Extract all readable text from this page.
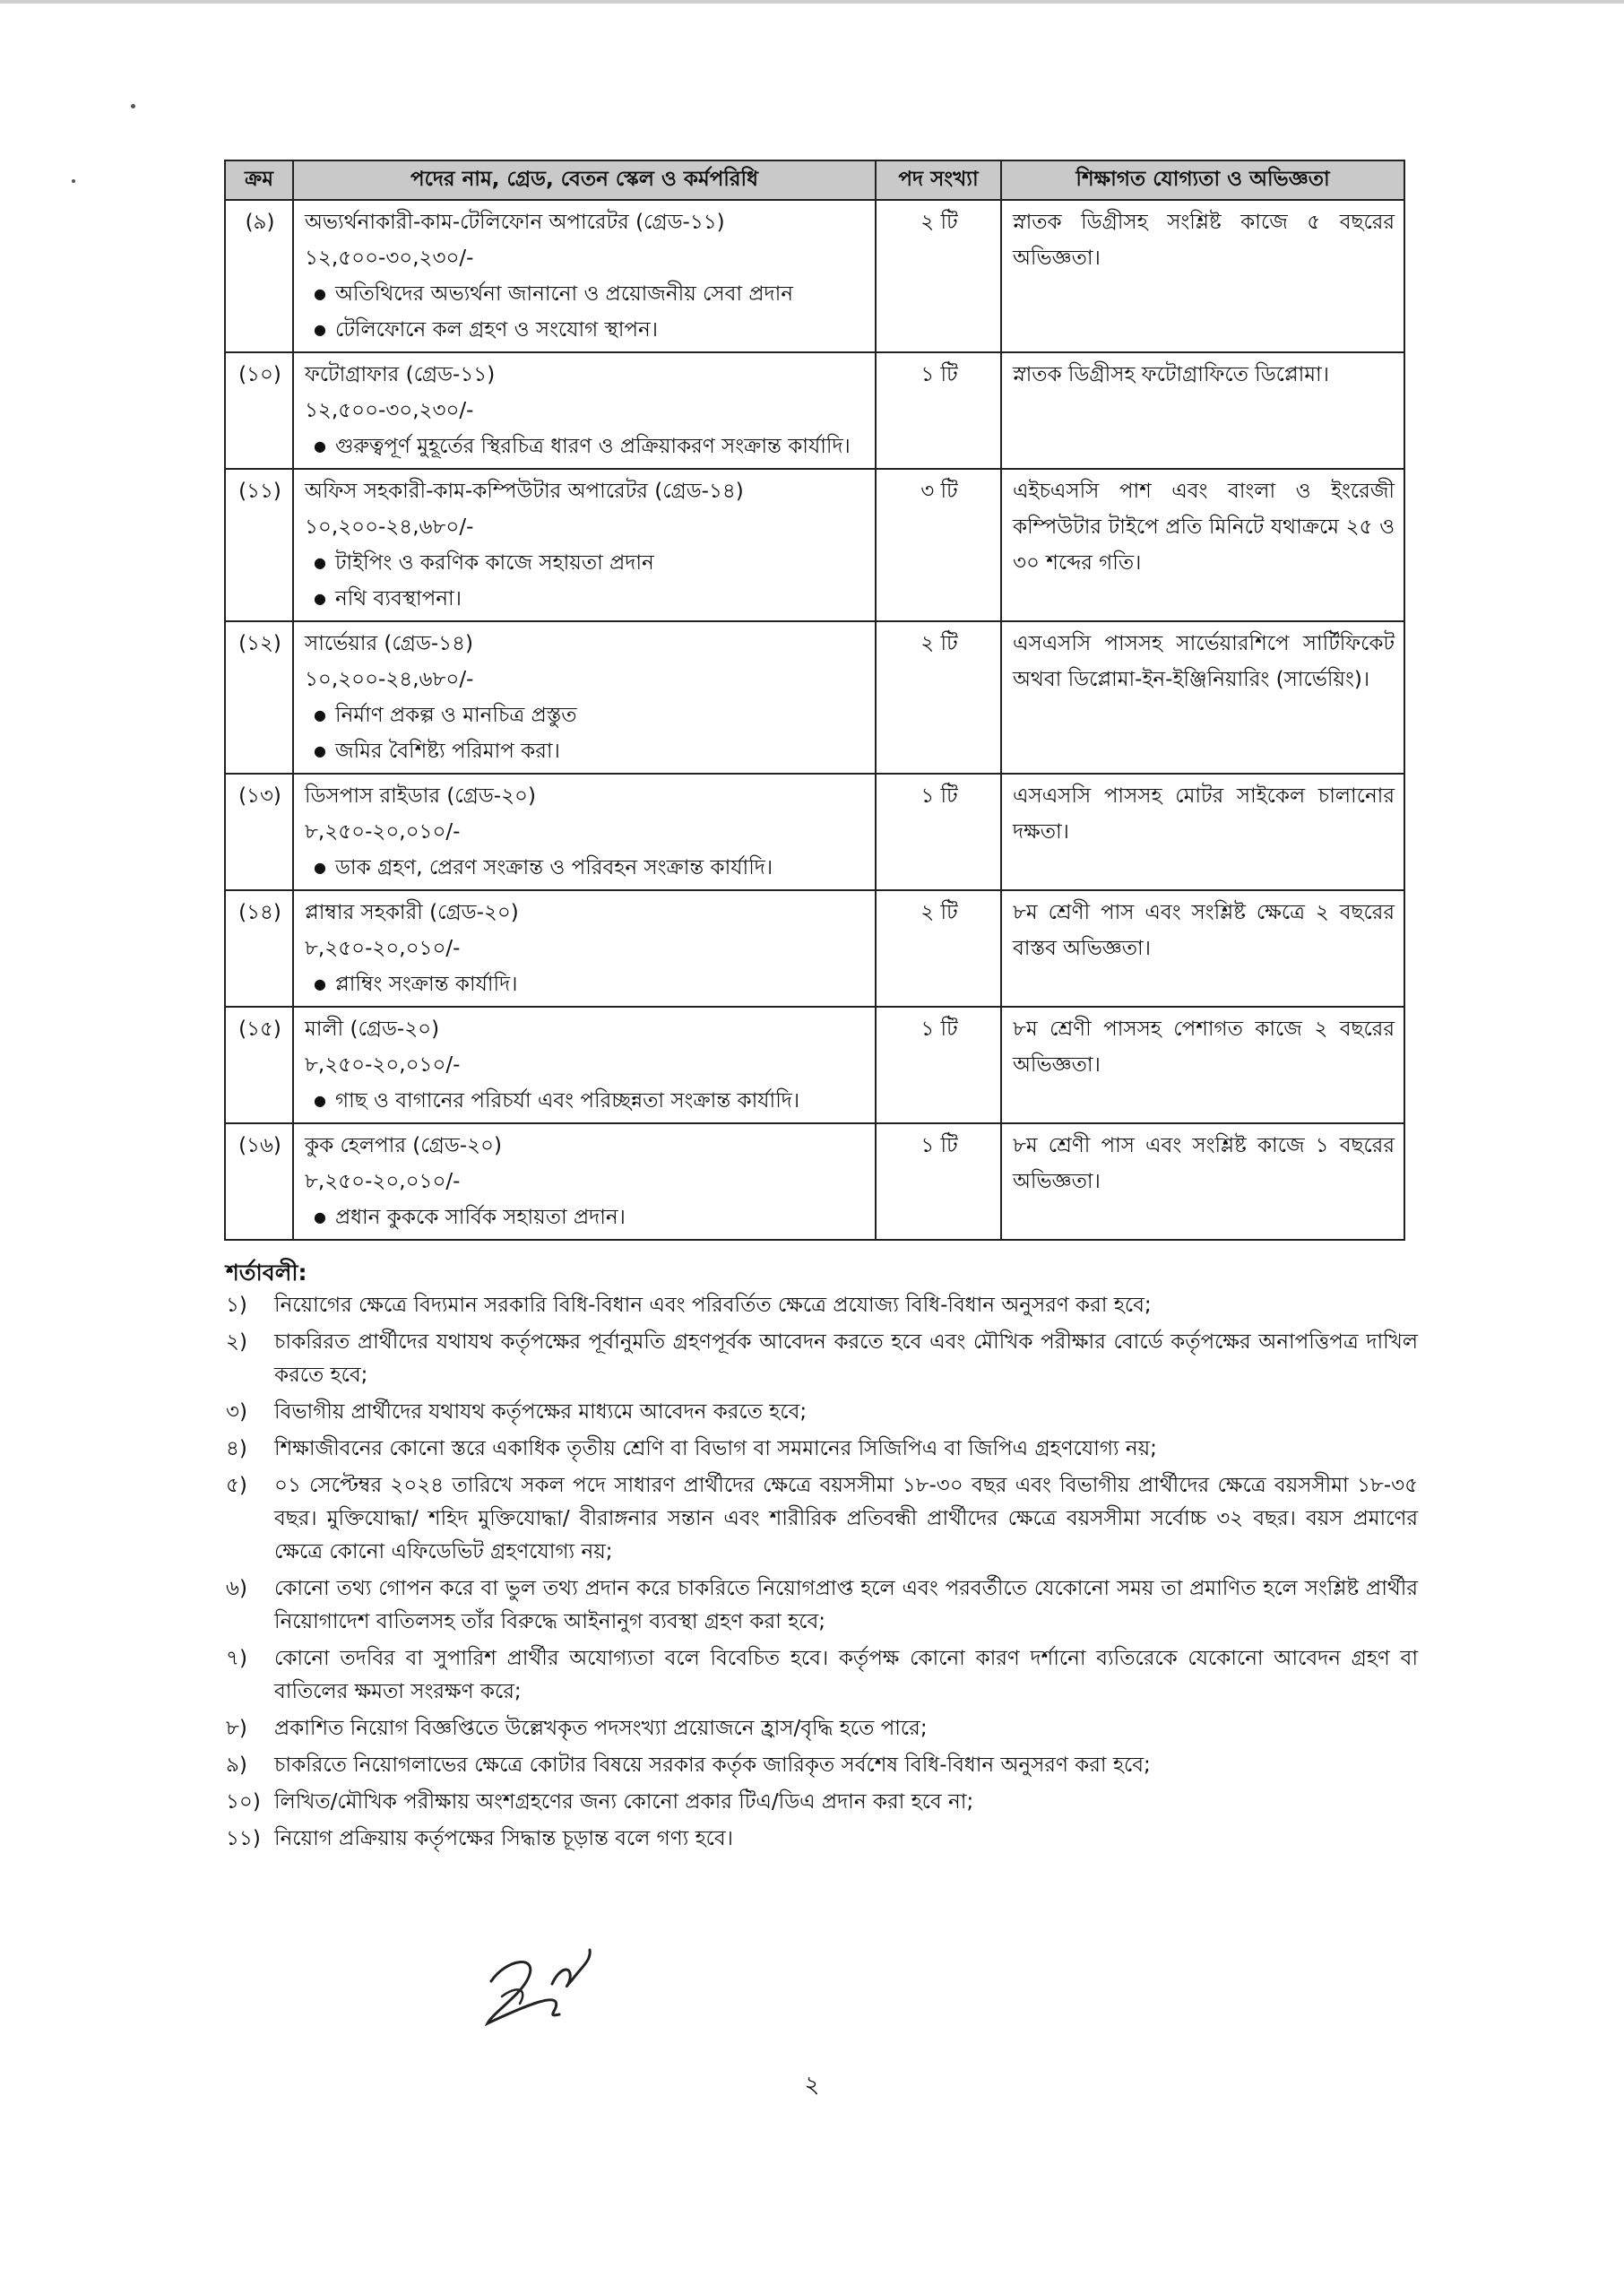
ক্রম	পদের নাম, গ্রেড, বেতন স্কেল ও কর্মপরিধি	পদ সংখ্যা	শিক্ষাগত যোগ্যতা ও অভিজ্ঞতা
(৯)	অভ্যর্থনাকারী-কাম-টেলিফোন অপারেটর (গ্রেড-১১)
১২,৫০০-৩০,২৩০/-
● অতিথিদের অভ্যর্থনা জানানো ও প্রয়োজনীয় সেবা প্রদান
● টেলিফোনে কল গ্রহণ ও সংযোগ স্থাপন।	২ টি	স্নাতক ডিগ্রীসহ সংশ্লিষ্ট কাজে ৫ বছরের অভিজ্ঞতা।
(১০)	ফটোগ্রাফার (গ্রেড-১১)
১২,৫০০-৩০,২৩০/-
● গুরুত্বপূর্ণ মুহূর্তের স্থিরচিত্র ধারণ ও প্রক্রিয়াকরণ সংক্রান্ত কার্যাদি।	১ টি	স্নাতক ডিগ্রীসহ ফটোগ্রাফিতে ডিপ্লোমা।
(১১)	অফিস সহকারী-কাম-কম্পিউটার অপারেটর (গ্রেড-১৪)
১০,২০০-২৪,৬৮০/-
● টাইপিং ও করণিক কাজে সহায়তা প্রদান
● নথি ব্যবস্থাপনা।	৩ টি	এইচএসসি পাশ এবং বাংলা ও ইংরেজী কম্পিউটার টাইপে প্রতি মিনিটে যথাক্রমে ২৫ ও ৩০ শব্দের গতি।
(১২)	সার্ভেয়ার (গ্রেড-১৪)
১০,২০০-২৪,৬৮০/-
● নির্মাণ প্রকল্প ও মানচিত্র প্রস্তুত
● জমির বৈশিষ্ট্য পরিমাপ করা।	২ টি	এসএসসি পাসসহ সার্ভেয়ারশিপে সার্টিফিকেট অথবা ডিপ্লোমা-ইন-ইঞ্জিনিয়ারিং (সার্ভেয়িং)।
(১৩)	ডিসপাস রাইডার (গ্রেড-২০)
৮,২৫০-২০,০১০/-
● ডাক গ্রহণ, প্রেরণ সংক্রান্ত ও পরিবহন সংক্রান্ত কার্যাদি।	১ টি	এসএসসি পাসসহ মোটর সাইকেল চালানোর দক্ষতা।
(১৪)	প্লাম্বার সহকারী (গ্রেড-২০)
৮,২৫০-২০,০১০/-
● প্লাম্বিং সংক্রান্ত কার্যাদি।	২ টি	৮ম শ্রেণী পাস এবং সংশ্লিষ্ট ক্ষেত্রে ২ বছরের বাস্তব অভিজ্ঞতা।
(১৫)	মালী (গ্রেড-২০)
৮,২৫০-২০,০১০/-
● গাছ ও বাগানের পরিচর্যা এবং পরিচ্ছন্নতা সংক্রান্ত কার্যাদি।	১ টি	৮ম শ্রেণী পাসসহ পেশাগত কাজে ২ বছরের অভিজ্ঞতা।
(১৬)	কুক হেলপার (গ্রেড-২০)
৮,২৫০-২০,০১০/-
● প্রধান কুককে সার্বিক সহায়তা প্রদান।	১ টি	৮ম শ্রেণী পাস এবং সংশ্লিষ্ট কাজে ১ বছরের অভিজ্ঞতা।
শর্তাবলী:
১)	নিয়োগের ক্ষেত্রে বিদ্যমান সরকারি বিধি-বিধান এবং পরিবর্তিত ক্ষেত্রে প্রযোজ্য বিধি-বিধান অনুসরণ করা হবে;
২)	চাকরিরত প্রার্থীদের যথাযথ কর্তৃপক্ষের পূর্বানুমতি গ্রহণপূর্বক আবেদন করতে হবে এবং মৌখিক পরীক্ষার বোর্ডে কর্তৃপক্ষের অনাপত্তিপত্র দাখিল করতে হবে;
৩)	বিভাগীয় প্রার্থীদের যথাযথ কর্তৃপক্ষের মাধ্যমে আবেদন করতে হবে;
৪)	শিক্ষাজীবনের কোনো স্তরে একাধিক তৃতীয় শ্রেণি বা বিভাগ বা সমমানের সিজিপিএ বা জিপিএ গ্রহণযোগ্য নয়;
৫)	০১ সেপ্টেম্বর ২০২৪ তারিখে সকল পদে সাধারণ প্রার্থীদের ক্ষেত্রে বয়সসীমা ১৮-৩০ বছর এবং বিভাগীয় প্রার্থীদের ক্ষেত্রে বয়সসীমা ১৮-৩৫ বছর। মুক্তিযোদ্ধা/ শহিদ মুক্তিযোদ্ধা/ বীরাঙ্গনার সন্তান এবং শারীরিক প্রতিবন্ধী প্রার্থীদের ক্ষেত্রে বয়সসীমা সর্বোচ্চ ৩২ বছর। বয়স প্রমাণের ক্ষেত্রে কোনো এফিডেভিট গ্রহণযোগ্য নয়;
৬)	কোনো তথ্য গোপন করে বা ভুল তথ্য প্রদান করে চাকরিতে নিয়োগপ্রাপ্ত হলে এবং পরবর্তীতে যেকোনো সময় তা প্রমাণিত হলে সংশ্লিষ্ট প্রার্থীর নিয়োগাদেশ বাতিলসহ তাঁর বিরুদ্ধে আইনানুগ ব্যবস্থা গ্রহণ করা হবে;
৭)	কোনো তদবির বা সুপারিশ প্রার্থীর অযোগ্যতা বলে বিবেচিত হবে। কর্তৃপক্ষ কোনো কারণ দর্শানো ব্যতিরেকে যেকোনো আবেদন গ্রহণ বা বাতিলের ক্ষমতা সংরক্ষণ করে;
৮)	প্রকাশিত নিয়োগ বিজ্ঞপ্তিতে উল্লেখকৃত পদসংখ্যা প্রয়োজনে হ্রাস/বৃদ্ধি হতে পারে;
৯)	চাকরিতে নিয়োগলাভের ক্ষেত্রে কোটার বিষয়ে সরকার কর্তৃক জারিকৃত সর্বশেষ বিধি-বিধান অনুসরণ করা হবে;
১০) লিখিত/মৌখিক পরীক্ষায় অংশগ্রহণের জন্য কোনো প্রকার টিএ/ডিএ প্রদান করা হবে না;
১১) নিয়োগ প্রক্রিয়ায় কর্তৃপক্ষের সিদ্ধান্ত চূড়ান্ত বলে গণ্য হবে।
২
